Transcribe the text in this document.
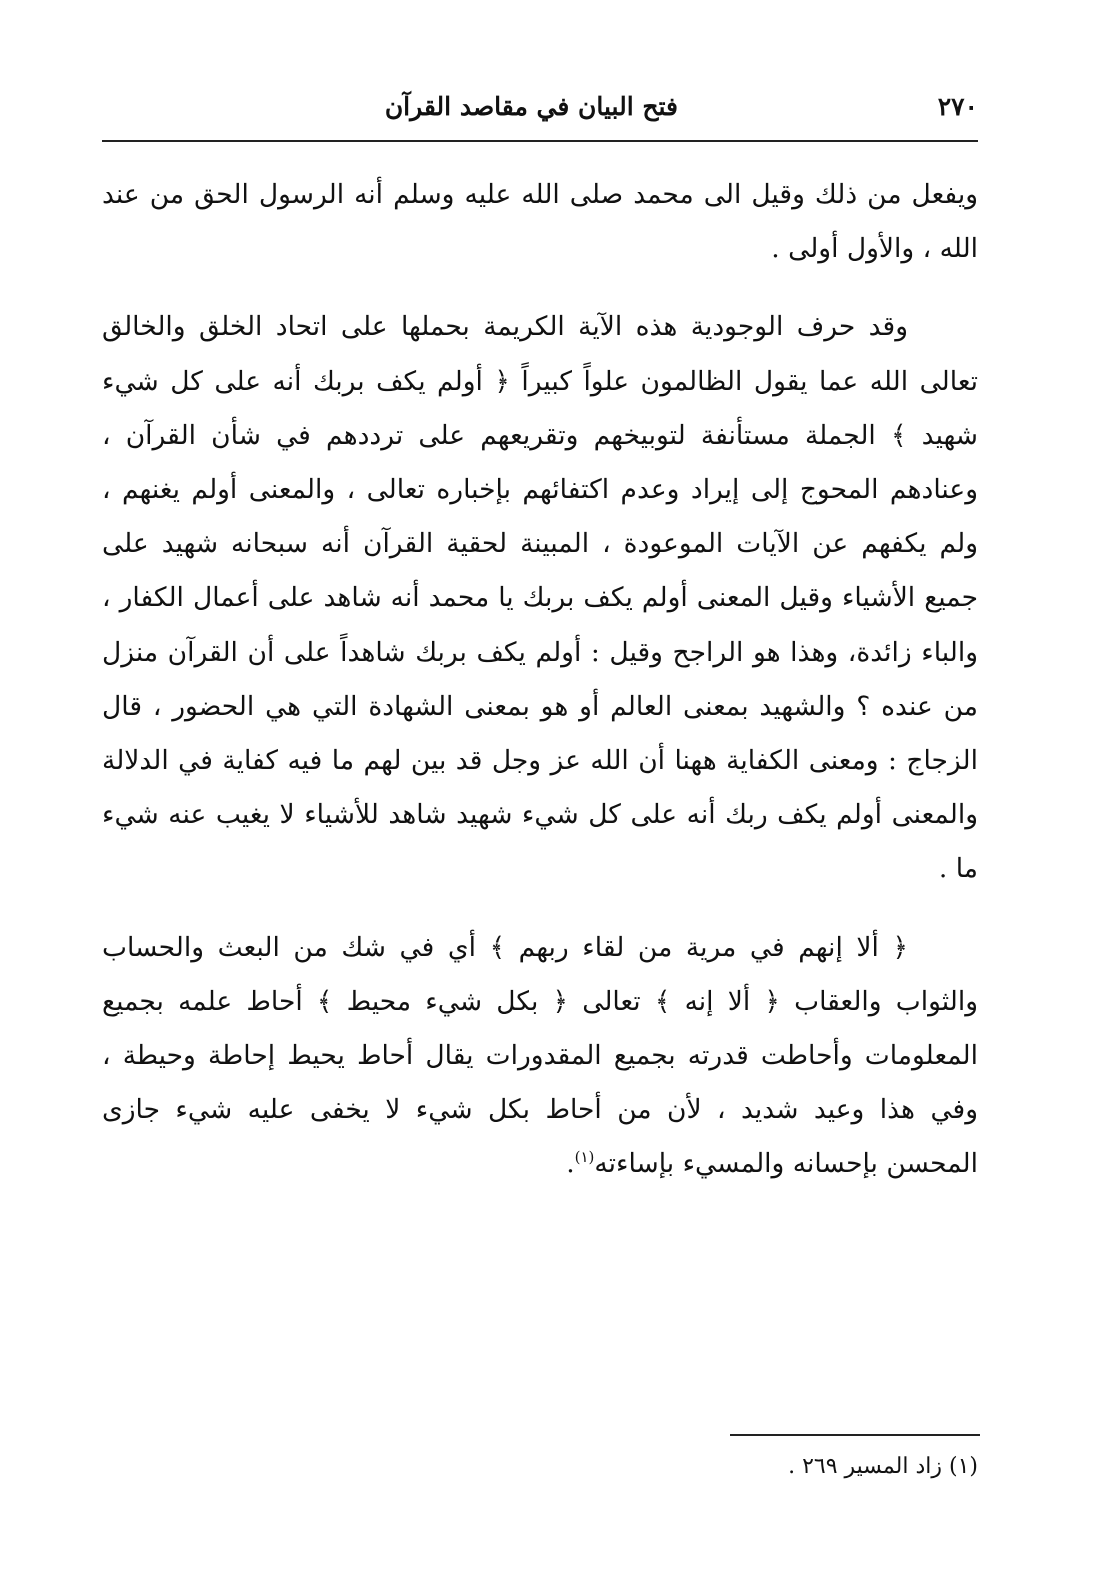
٢٧٠
فتح البيان في مقاصد القرآن

ويفعل من ذلك وقيل الى محمد صلى الله عليه وسلم أنه الرسول الحق من عند الله ، والأول أولى .

وقد حرف الوجودية هذه الآية الكريمة بحملها على اتحاد الخلق والخالق تعالى الله عما يقول الظالمون علواً كبيراً ﴿ أولم يكف بربك أنه على كل شيء شهيد ﴾ الجملة مستأنفة لتوبيخهم وتقريعهم على ترددهم في شأن القرآن ، وعنادهم المحوج إلى إيراد وعدم اكتفائهم بإخباره تعالى ، والمعنى أولم يغنهم ، ولم يكفهم عن الآيات الموعودة ، المبينة لحقية القرآن أنه سبحانه شهيد على جميع الأشياء وقيل المعنى أولم يكف بربك يا محمد أنه شاهد على أعمال الكفار ، والباء زائدة، وهذا هو الراجح وقيل : أولم يكف بربك شاهداً على أن القرآن منزل من عنده ؟ والشهيد بمعنى العالم أو هو بمعنى الشهادة التي هي الحضور ، قال الزجاج : ومعنى الكفاية ههنا أن الله عز وجل قد بين لهم ما فيه كفاية في الدلالة والمعنى أولم يكف ربك أنه على كل شيء شهيد شاهد للأشياء لا يغيب عنه شيء ما .

﴿ ألا إنهم في مرية من لقاء ربهم ﴾ أي في شك من البعث والحساب والثواب والعقاب ﴿ ألا إنه ﴾ تعالى ﴿ بكل شيء محيط ﴾ أحاط علمه بجميع المعلومات وأحاطت قدرته بجميع المقدورات يقال أحاط يحيط إحاطة وحيطة ، وفي هذا وعيد شديد ، لأن من أحاط بكل شيء لا يخفى عليه شيء جازى المحسن بإحسانه والمسيء بإساءته$^{(١)}$.

(١) زاد المسير ٢٦٩ .
